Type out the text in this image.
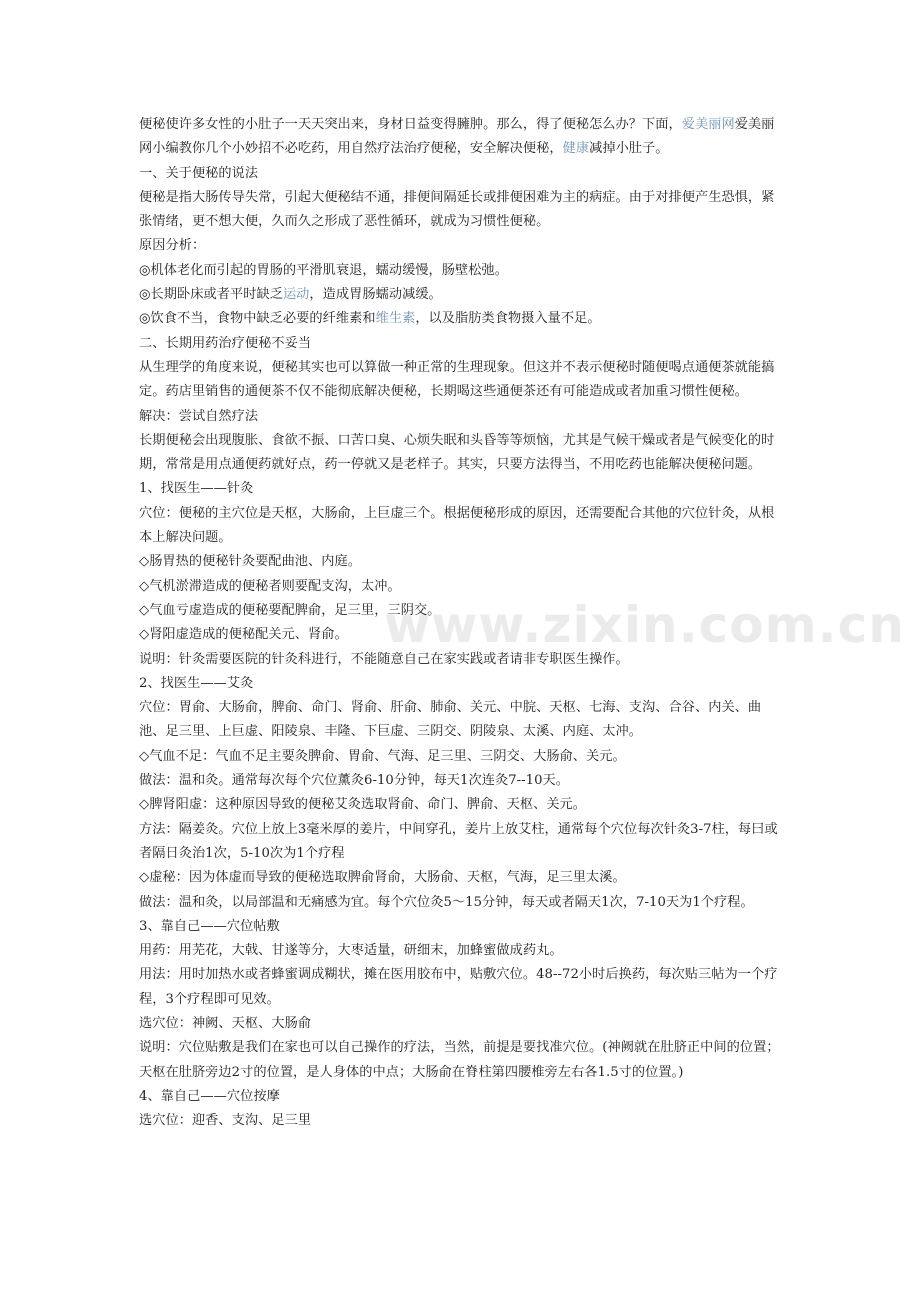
www.zixin.com.cn

便秘使许多女性的小肚子一天天突出来，身材日益变得臃肿。那么，得了便秘怎么办？下面，爱美丽网爱美丽网小编教你几个小妙招不必吃药，用自然疗法治疗便秘，安全解决便秘，健康减掉小肚子。

一、关于便秘的说法

便秘是指大肠传导失常，引起大便秘结不通，排便间隔延长或排便困难为主的病症。由于对排便产生恐惧，紧张情绪，更不想大便，久而久之形成了恶性循环，就成为习惯性便秘。

原因分析：

◎机体老化而引起的胃肠的平滑肌衰退，蠕动缓慢，肠壁松弛。

◎长期卧床或者平时缺乏运动，造成胃肠蠕动减缓。

◎饮食不当，食物中缺乏必要的纤维素和维生素，以及脂肪类食物摄入量不足。

二、长期用药治疗便秘不妥当

从生理学的角度来说，便秘其实也可以算做一种正常的生理现象。但这并不表示便秘时随便喝点通便茶就能搞定。药店里销售的通便茶不仅不能彻底解决便秘，长期喝这些通便茶还有可能造成或者加重习惯性便秘。

解决：尝试自然疗法

长期便秘会出现腹胀、食欲不振、口苦口臭、心烦失眠和头昏等等烦恼，尤其是气候干燥或者是气候变化的时期，常常是用点通便药就好点，药一停就又是老样子。其实，只要方法得当，不用吃药也能解决便秘问题。

1、找医生——针灸

穴位：便秘的主穴位是天枢，大肠俞，上巨虚三个。根据便秘形成的原因，还需要配合其他的穴位针灸，从根本上解决问题。

◇肠胃热的便秘针灸要配曲池、内庭。

◇气机淤滞造成的便秘者则要配支沟，太冲。

◇气血亏虚造成的便秘要配脾俞，足三里，三阴交。

◇肾阳虚造成的便秘配关元、肾俞。

说明：针灸需要医院的针灸科进行，不能随意自己在家实践或者请非专职医生操作。

2、找医生——艾灸

穴位：胃俞、大肠俞，脾俞、命门、肾俞、肝俞、肺俞、关元、中脘、天枢、七海、支沟、合谷、内关、曲池、足三里、上巨虚、阳陵泉、丰隆、下巨虚、三阴交、阴陵泉、太溪、内庭、太冲。

◇气血不足：气血不足主要灸脾俞、胃俞、气海、足三里、三阴交、大肠俞、关元。

做法：温和灸。通常每次每个穴位薰灸6-10分钟，每天1次连灸7--10天。

◇脾肾阳虚：这种原因导致的便秘艾灸选取肾俞、命门、脾俞、天枢、关元。

方法：隔姜灸。穴位上放上3毫米厚的姜片，中间穿孔，姜片上放艾柱，通常每个穴位每次针灸3-7柱，每曰或者隔日灸治1次，5-10次为1个疗程

◇虚秘：因为体虚而导致的便秘选取脾俞肾俞，大肠俞、天枢，气海，足三里太溪。

做法：温和灸，以局部温和无痛感为宜。每个穴位灸5～15分钟，每天或者隔天1次，7-10天为1个疗程。

3、靠自己——穴位帖敷

用药：用芜花，大戟、甘遂等分，大枣适量，研细末，加蜂蜜做成药丸。

用法：用时加热水或者蜂蜜调成糊状，摊在医用胶布中，贴敷穴位。48--72小时后换药，每次贴三帖为一个疗程，3个疗程即可见效。

选穴位：神阙、天枢、大肠俞

说明：穴位贴敷是我们在家也可以自己操作的疗法，当然，前提是要找准穴位。(神阙就在肚脐正中间的位置；天枢在肚脐旁边2寸的位置，是人身体的中点；大肠俞在脊柱第四腰椎旁左右各1.5寸的位置。)

4、靠自己——穴位按摩

选穴位：迎香、支沟、足三里
